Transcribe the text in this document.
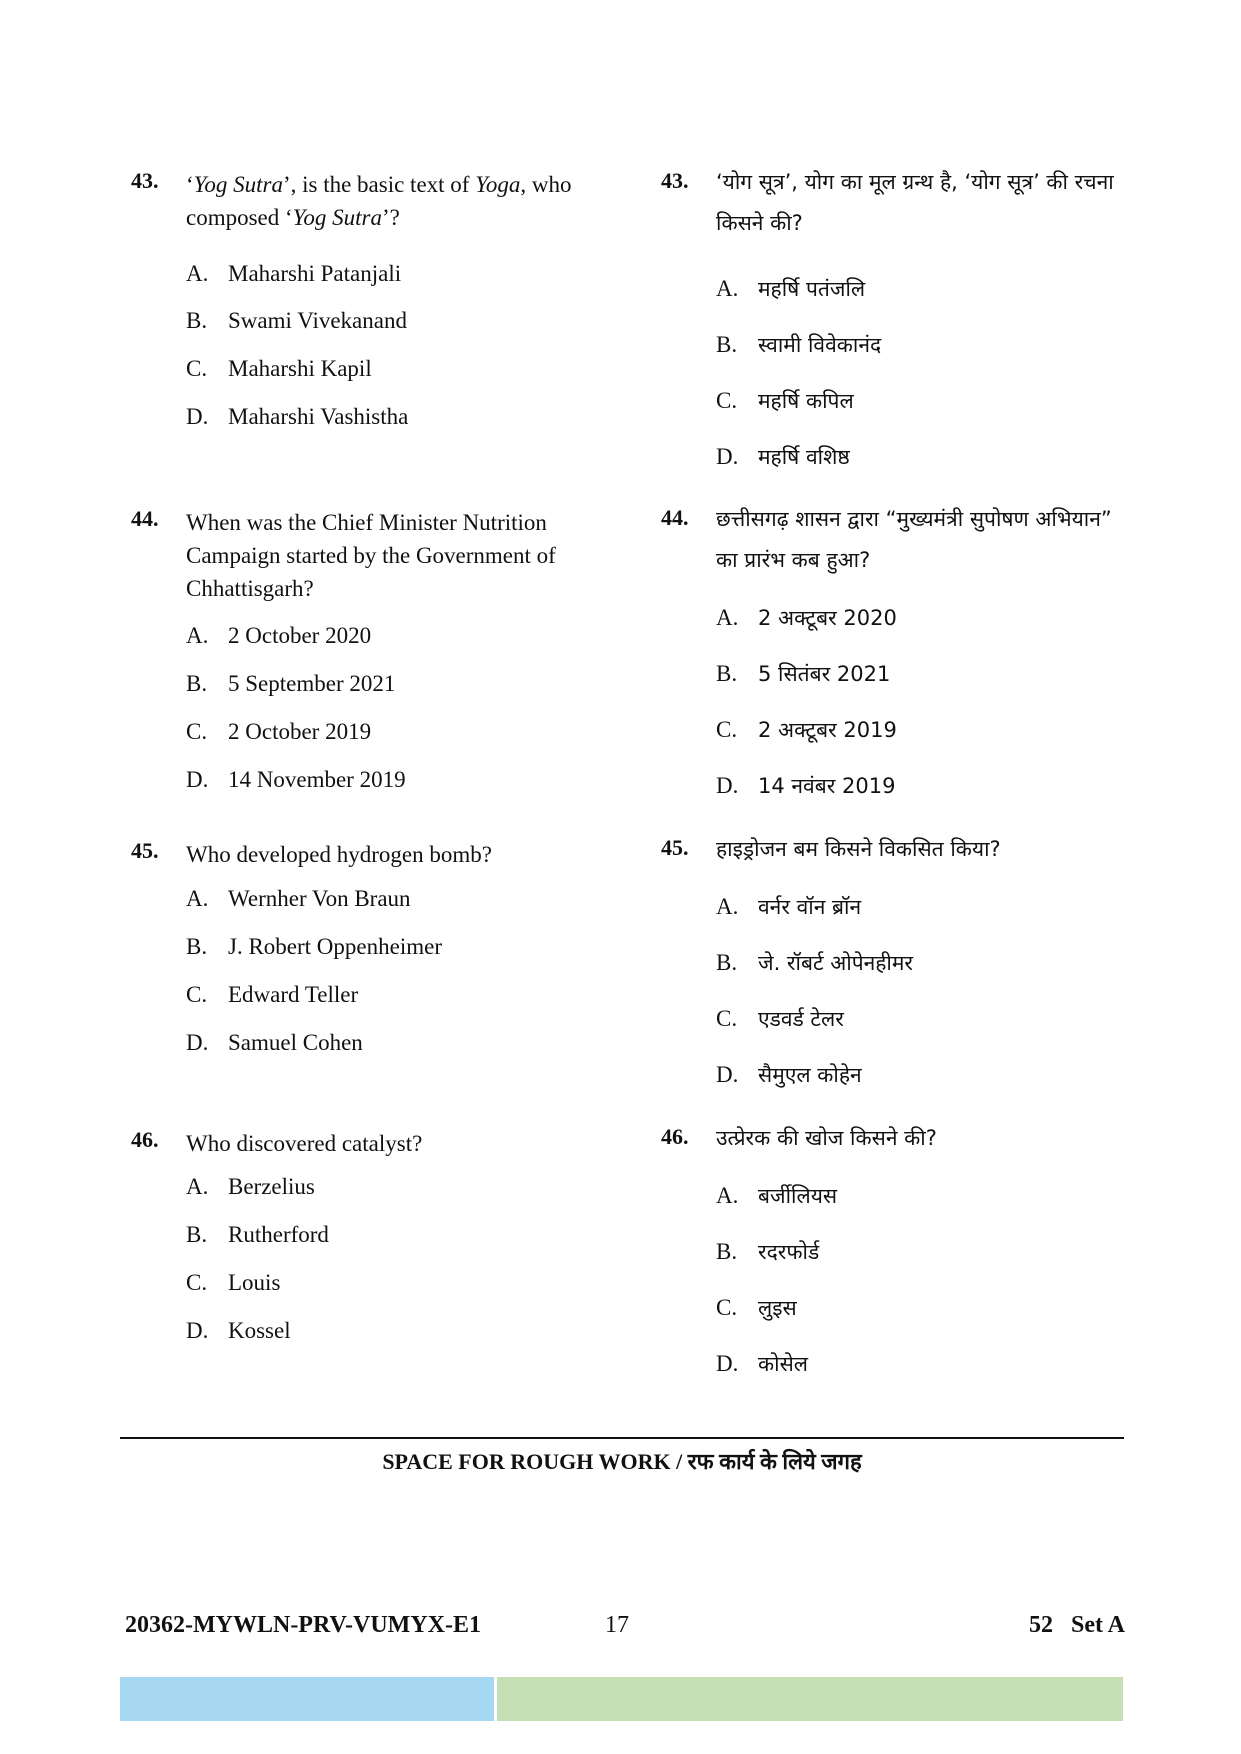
43. ‘Yog Sutra’, is the basic text of Yoga, who composed ‘Yog Sutra’?
A. Maharshi Patanjali
B. Swami Vivekanand
C. Maharshi Kapil
D. Maharshi Vashistha
44. When was the Chief Minister Nutrition Campaign started by the Government of Chhattisgarh?
A. 2 October 2020
B. 5 September 2021
C. 2 October 2019
D. 14 November 2019
45. Who developed hydrogen bomb?
A. Wernher Von Braun
B. J. Robert Oppenheimer
C. Edward Teller
D. Samuel Cohen
46. Who discovered catalyst?
A. Berzelius
B. Rutherford
C. Louis
D. Kossel
43. ‘योग सूत्र’, योग का मूल ग्रन्थ है, ‘योग सूत्र’ की रचना किसने की?
A. महर्षि पतंजलि
B. स्वामी विवेकानंद
C. महर्षि कपिल
D. महर्षि वशिष्ठ
44. छत्तीसगढ़ शासन द्वारा “मुख्यमंत्री सुपोषण अभियान” का प्रारंभ कब हुआ?
A. 2 अक्टूबर 2020
B. 5 सितंबर 2021
C. 2 अक्टूबर 2019
D. 14 नवंबर 2019
45. हाइड्रोजन बम किसने विकसित किया?
A. वर्नर वॉन ब्रॉन
B. जे. रॉबर्ट ओपेनहीमर
C. एडवर्ड टेलर
D. सैमुएल कोहेन
46. उत्प्रेरक की खोज किसने की?
A. बर्जीलियस
B. रदरफोर्ड
C. लुइस
D. कोसेल
SPACE FOR ROUGH WORK / रफ कार्य के लिये जगह
20362-MYWLN-PRV-VUMYX-E1	17	52   Set A
